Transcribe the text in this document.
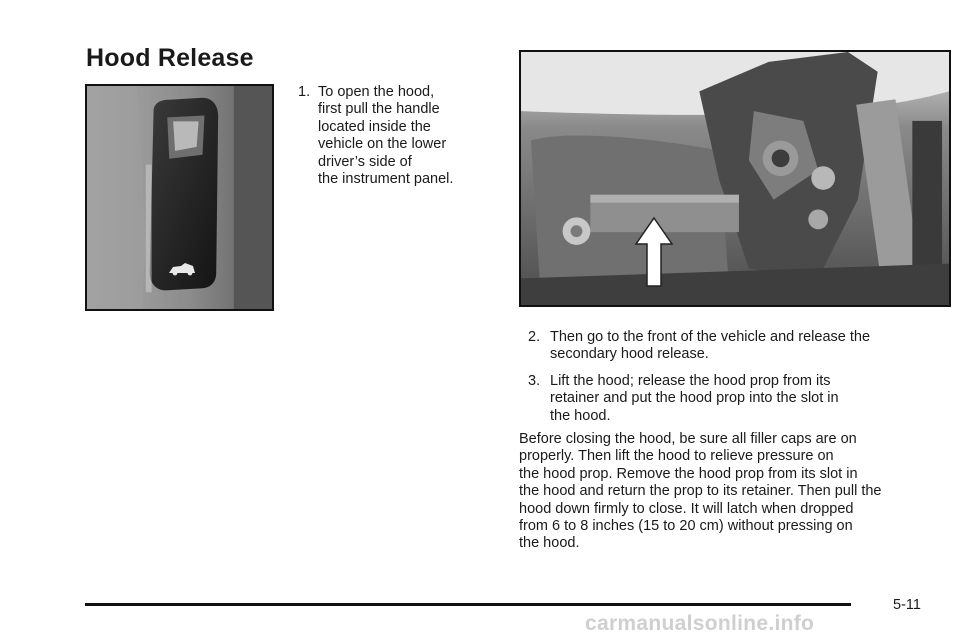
Hood Release
1. To open the hood,
first pull the handle
located inside the
vehicle on the lower
driver’s side of
the instrument panel.
2. Then go to the front of the vehicle and release the
secondary hood release.
3. Lift the hood; release the hood prop from its
retainer and put the hood prop into the slot in
the hood.

Before closing the hood, be sure all filler caps are on
properly. Then lift the hood to relieve pressure on
the hood prop. Remove the hood prop from its slot in
the hood and return the prop to its retainer. Then pull the
hood down firmly to close. It will latch when dropped
from 6 to 8 inches (15 to 20 cm) without pressing on
the hood.

5-11
carmanualsonline.info
